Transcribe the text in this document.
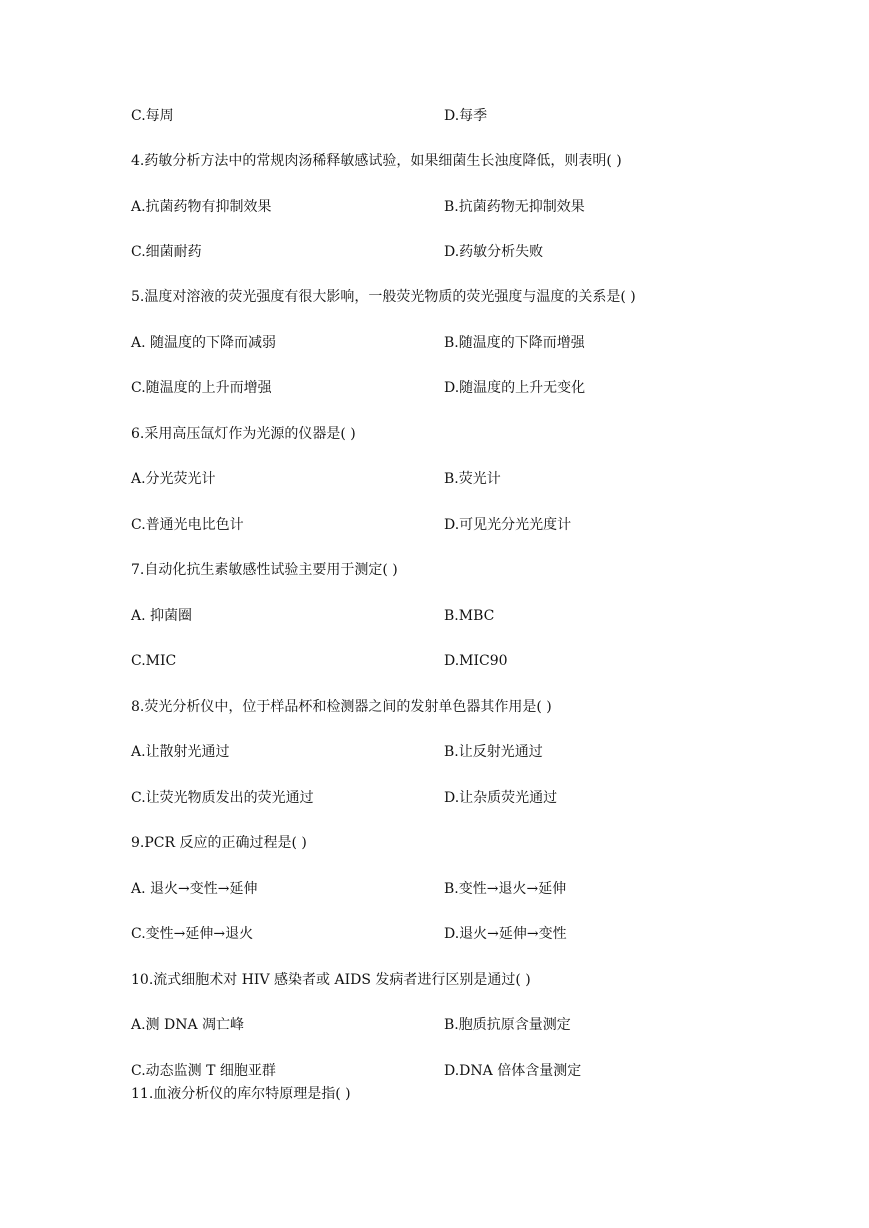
C.每周	D.每季
4.药敏分析方法中的常规肉汤稀释敏感试验，如果细菌生长浊度降低，则表明( )
A.抗菌药物有抑制效果	B.抗菌药物无抑制效果
C.细菌耐药	D.药敏分析失败
5.温度对溶液的荧光强度有很大影响，一般荧光物质的荧光强度与温度的关系是( )
A. 随温度的下降而减弱	B.随温度的下降而增强
C.随温度的上升而增强	D.随温度的上升无变化
6.采用高压氙灯作为光源的仪器是( )
A.分光荧光计	B.荧光计
C.普通光电比色计	D.可见光分光光度计
7.自动化抗生素敏感性试验主要用于测定( )
A. 抑菌圈	B.MBC
C.MIC	D.MIC90
8.荧光分析仪中，位于样品杯和检测器之间的发射单色器其作用是( )
A.让散射光通过	B.让反射光通过
C.让荧光物质发出的荧光通过	D.让杂质荧光通过
9.PCR 反应的正确过程是( )
A. 退火→变性→延伸	B.变性→退火→延伸
C.变性→延伸→退火	D.退火→延伸→变性
10.流式细胞术对 HIV 感染者或 AIDS 发病者进行区别是通过( )
A.测 DNA 凋亡峰	B.胞质抗原含量测定
C.动态监测 T 细胞亚群	D.DNA 倍体含量测定
11.血液分析仪的库尔特原理是指( )
